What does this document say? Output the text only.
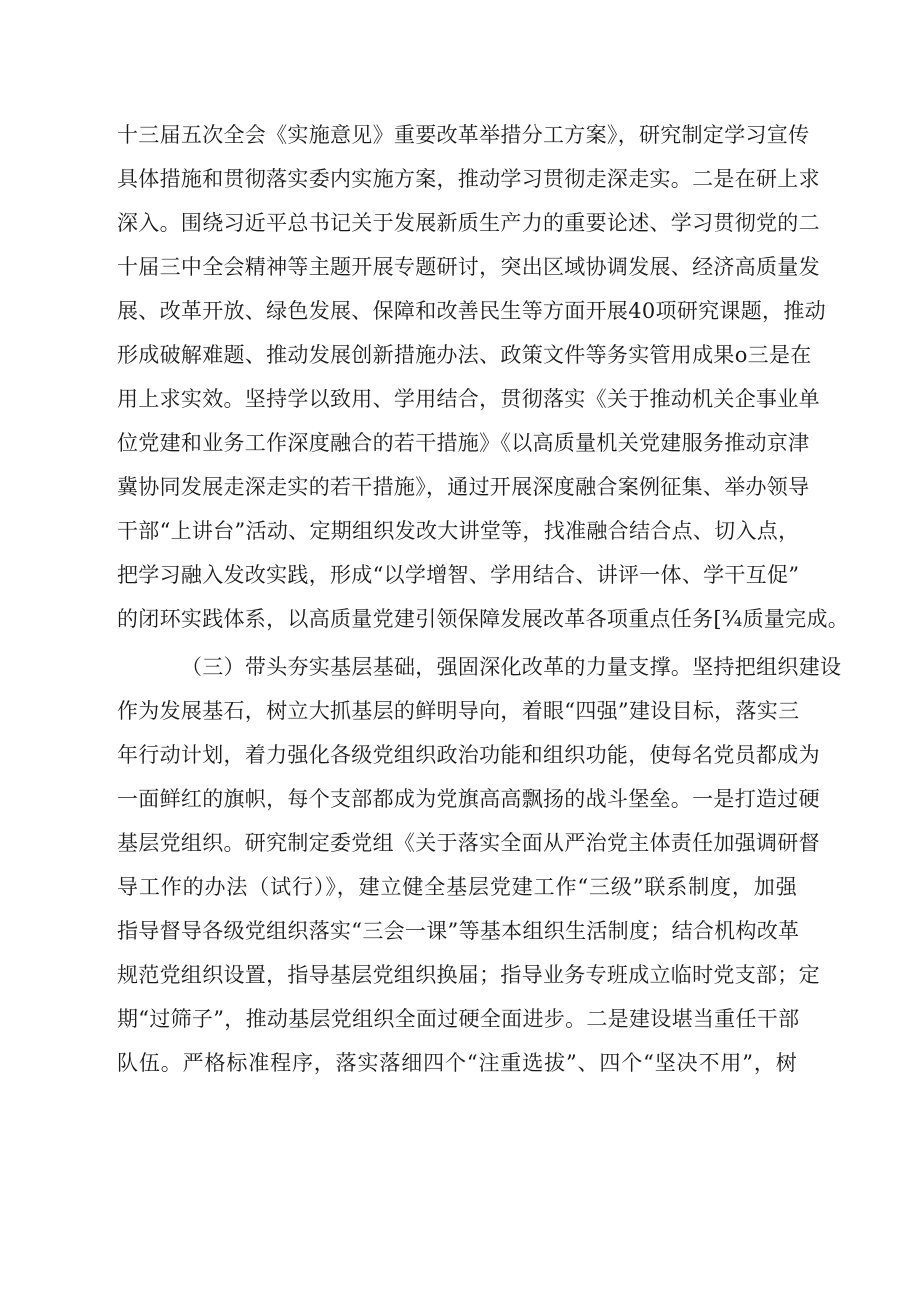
十三届五次全会《实施意见》重要改革举措分工方案》，研究制定学习宣传
具体措施和贯彻落实委内实施方案，推动学习贯彻走深走实。二是在研上求
深入。围绕习近平总书记关于发展新质生产力的重要论述、学习贯彻党的二
十届三中全会精神等主题开展专题研讨，突出区域协调发展、经济高质量发
展、改革开放、绿色发展、保障和改善民生等方面开展40项研究课题，推动
形成破解难题、推动发展创新措施办法、政策文件等务实管用成果o三是在
用上求实效。坚持学以致用、学用结合，贯彻落实《关于推动机关企事业单
位党建和业务工作深度融合的若干措施》《以高质量机关党建服务推动京津
冀协同发展走深走实的若干措施》，通过开展深度融合案例征集、举办领导
干部“上讲台”活动、定期组织发改大讲堂等，找准融合结合点、切入点，
把学习融入发改实践，形成“以学增智、学用结合、讲评一体、学干互促”
的闭环实践体系，以高质量党建引领保障发展改革各项重点任务[¾质量完成。
（三）带头夯实基层基础，强固深化改革的力量支撑。坚持把组织建设
作为发展基石，树立大抓基层的鲜明导向，着眼“四强”建设目标，落实三
年行动计划，着力强化各级党组织政治功能和组织功能，使每名党员都成为
一面鲜红的旗帜，每个支部都成为党旗高高飘扬的战斗堡垒。一是打造过硬
基层党组织。研究制定委党组《关于落实全面从严治党主体责任加强调研督
导工作的办法（试行）》，建立健全基层党建工作“三级”联系制度，加强
指导督导各级党组织落实“三会一课”等基本组织生活制度；结合机构改革
规范党组织设置，指导基层党组织换届；指导业务专班成立临时党支部；定
期“过筛子”，推动基层党组织全面过硬全面进步。二是建设堪当重任干部
队伍。严格标准程序，落实落细四个“注重选拔”、四个“坚决不用”，树
